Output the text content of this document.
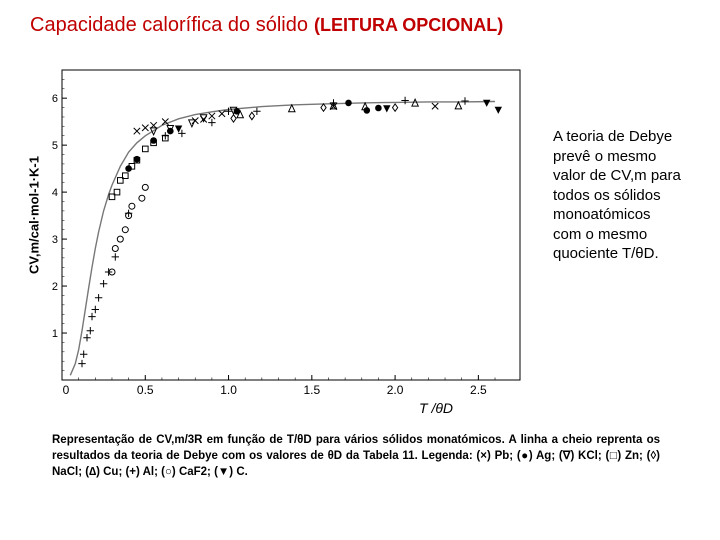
Capacidade calorífica do sólido (LEITURA OPCIONAL)
CV,m/cal·mol-1·K-1
0.5	1.0	1.5	2.0	2.5
0
1
2
3
4
5
6
T /θD
A teoria de Debye prevê o mesmo valor de CV,m para todos os sólidos monoatómicos com o mesmo quociente T/θD.
Representação de CV,m/3R em função de T/θD para vários sólidos monatómicos. A linha a cheio reprenta os resultados da teoria de Debye com os valores de θD da Tabela 11. Legenda: (×) Pb; (●) Ag; (∇) KCl; (□) Zn; (◊) NaCl; (∆) Cu; (+) Al; (○) CaF2; (▼) C.
